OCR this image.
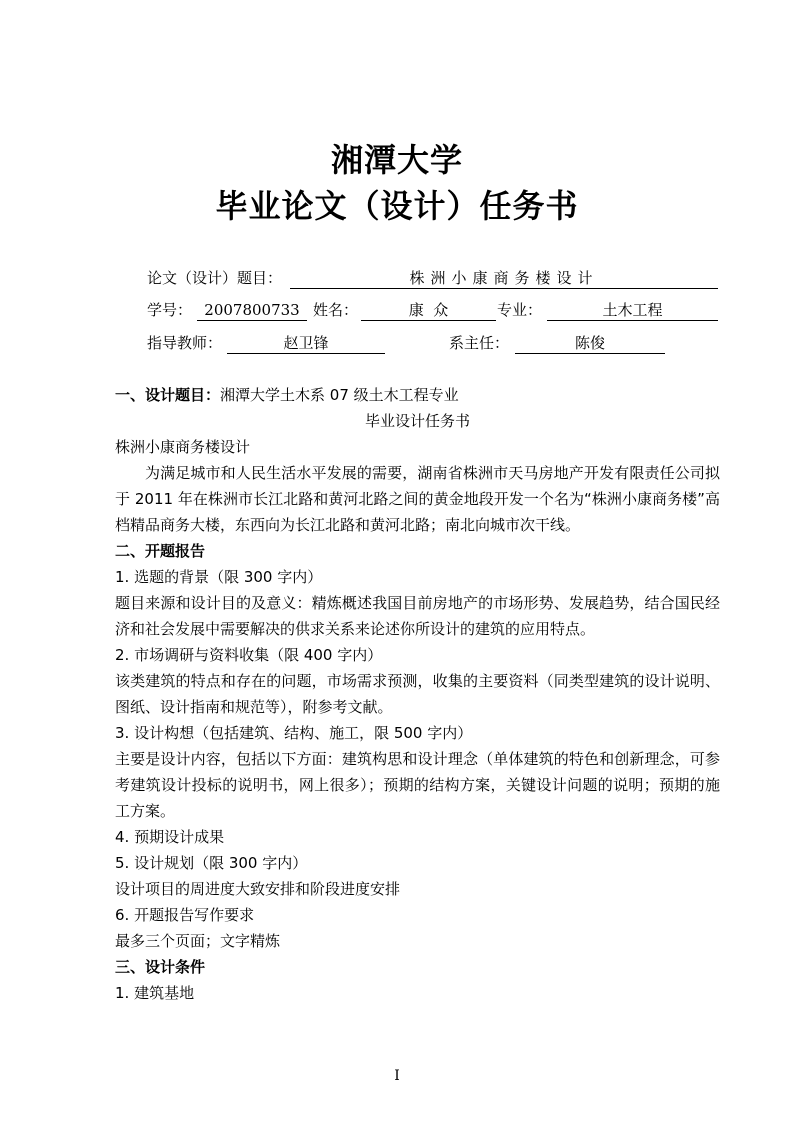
湘潭大学
毕业论文（设计）任务书
论文（设计）题目：	株洲小康商务楼设计
学号： 2007800733 姓名：	康  众	专业：	土木工程
指导教师：	赵卫锋	系主任：	陈俊
一、设计题目：湘潭大学土木系 07 级土木工程专业
毕业设计任务书
株洲小康商务楼设计
为满足城市和人民生活水平发展的需要，湖南省株洲市天马房地产开发有限责任公司拟于 2011 年在株洲市长江北路和黄河北路之间的黄金地段开发一个名为“株洲小康商务楼”高档精品商务大楼，东西向为长江北路和黄河北路；南北向城市次干线。
二、开题报告
1. 选题的背景（限 300 字内）
题目来源和设计目的及意义：精炼概述我国目前房地产的市场形势、发展趋势，结合国民经济和社会发展中需要解决的供求关系来论述你所设计的建筑的应用特点。
2. 市场调研与资料收集（限 400 字内）
该类建筑的特点和存在的问题，市场需求预测，收集的主要资料（同类型建筑的设计说明、图纸、设计指南和规范等），附参考文献。
3. 设计构想（包括建筑、结构、施工，限 500 字内）
主要是设计内容，包括以下方面：建筑构思和设计理念（单体建筑的特色和创新理念，可参考建筑设计投标的说明书，网上很多）；预期的结构方案，关键设计问题的说明；预期的施工方案。
4. 预期设计成果
5. 设计规划（限 300 字内）
设计项目的周进度大致安排和阶段进度安排
6. 开题报告写作要求
最多三个页面；文字精炼
三、设计条件
1. 建筑基地
I
